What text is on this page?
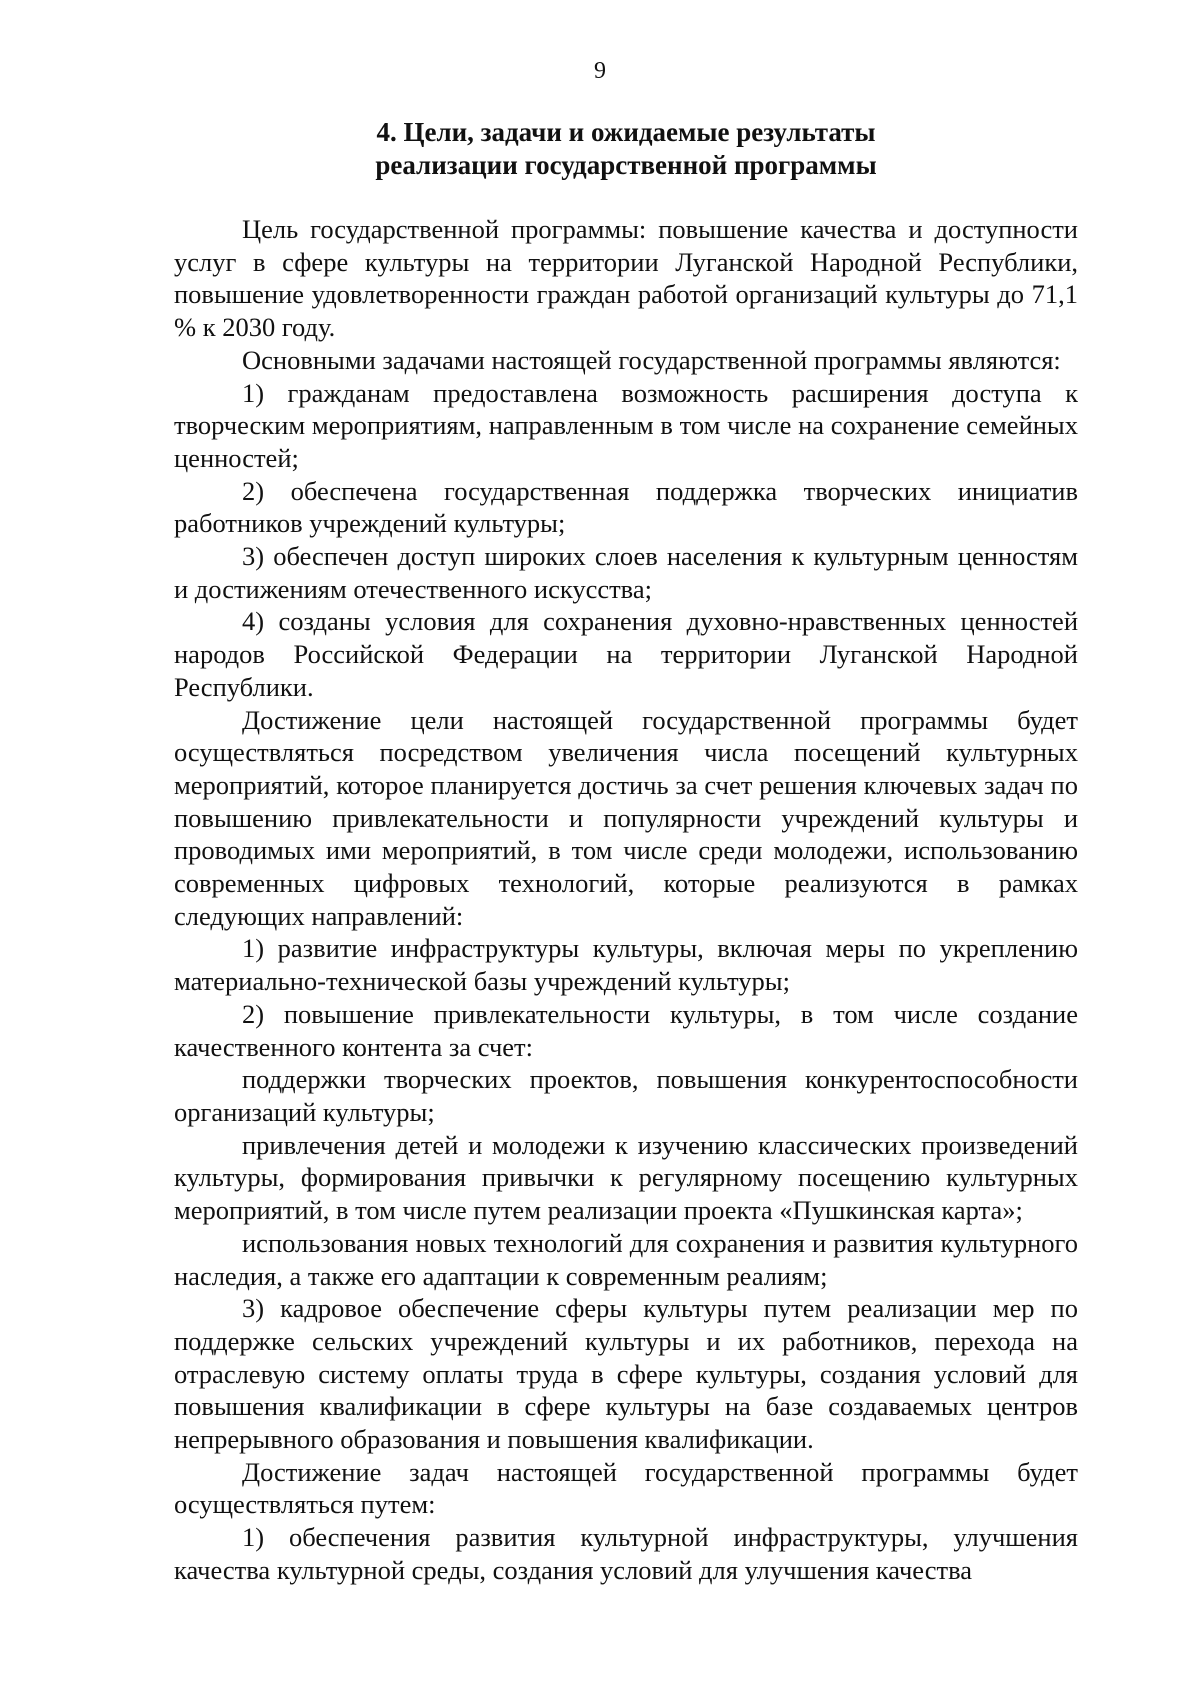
9
4. Цели, задачи и ожидаемые результаты
реализации государственной программы

Цель государственной программы: повышение качества и доступности услуг в сфере культуры на территории Луганской Народной Республики, повышение удовлетворенности граждан работой организаций культуры до 71,1 % к 2030 году.

Основными задачами настоящей государственной программы являются:

1) гражданам предоставлена возможность расширения доступа к творческим мероприятиям, направленным в том числе на сохранение семейных ценностей;

2) обеспечена государственная поддержка творческих инициатив работников учреждений культуры;

3) обеспечен доступ широких слоев населения к культурным ценностям и достижениям отечественного искусства;

4) созданы условия для сохранения духовно-нравственных ценностей народов Российской Федерации на территории Луганской Народной Республики.

Достижение цели настоящей государственной программы будет осуществляться посредством увеличения числа посещений культурных мероприятий, которое планируется достичь за счет решения ключевых задач по повышению привлекательности и популярности учреждений культуры и проводимых ими мероприятий, в том числе среди молодежи, использованию современных цифровых технологий, которые реализуются в рамках следующих направлений:

1) развитие инфраструктуры культуры, включая меры по укреплению материально-технической базы учреждений культуры;

2) повышение привлекательности культуры, в том числе создание качественного контента за счет:

поддержки творческих проектов, повышения конкурентоспособности организаций культуры;

привлечения детей и молодежи к изучению классических произведений культуры, формирования привычки к регулярному посещению культурных мероприятий, в том числе путем реализации проекта «Пушкинская карта»;

использования новых технологий для сохранения и развития культурного наследия, а также его адаптации к современным реалиям;

3) кадровое обеспечение сферы культуры путем реализации мер по поддержке сельских учреждений культуры и их работников, перехода на отраслевую систему оплаты труда в сфере культуры, создания условий для повышения квалификации в сфере культуры на базе создаваемых центров непрерывного образования и повышения квалификации.

Достижение задач настоящей государственной программы будет осуществляться путем:

1) обеспечения развития культурной инфраструктуры, улучшения качества культурной среды, создания условий для улучшения качества
